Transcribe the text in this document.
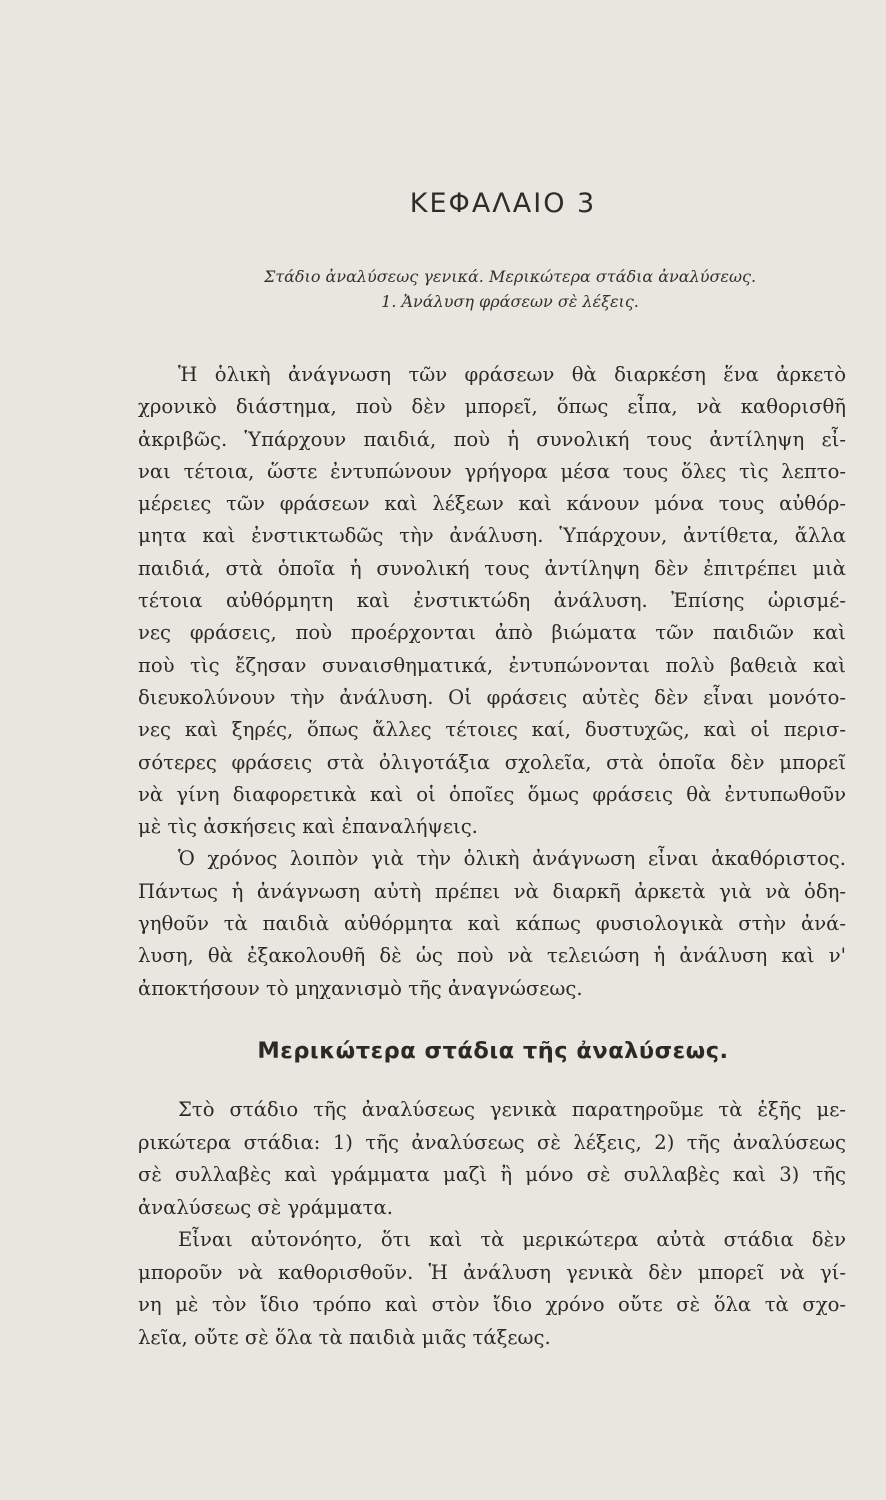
ΚΕΦΑΛΑΙΟ 3
Στάδιο ἀναλύσεως γενικά. Μερικώτερα στάδια ἀναλύσεως.
1. Ἀνάλυση φράσεων σὲ λέξεις.
Ἡ ὁλικὴ ἀνάγνωση τῶν φράσεων θὰ διαρκέση ἕνα ἀρκετὸ
χρονικὸ διάστημα, ποὺ δὲν μπορεῖ, ὅπως εἶπα, νὰ καθορισθῆ
ἀκριβῶς. Ὑπάρχουν παιδιά, ποὺ ἡ συνολική τους ἀντίληψη εἶ-
ναι τέτοια, ὥστε ἐντυπώνουν γρήγορα μέσα τους ὅλες τὶς λεπτο-
μέρειες τῶν φράσεων καὶ λέξεων καὶ κάνουν μόνα τους αὐθόρ-
μητα καὶ ἐνστικτωδῶς τὴν ἀνάλυση. Ὑπάρχουν, ἀντίθετα, ἄλλα
παιδιά, στὰ ὁποῖα ἡ συνολική τους ἀντίληψη δὲν ἐπιτρέπει μιὰ
τέτοια αὐθόρμητη καὶ ἐνστικτώδη ἀνάλυση. Ἐπίσης ὡρισμέ-
νες φράσεις, ποὺ προέρχονται ἀπὸ βιώματα τῶν παιδιῶν καὶ
ποὺ τὶς ἔζησαν συναισθηματικά, ἐντυπώνονται πολὺ βαθειὰ καὶ
διευκολύνουν τὴν ἀνάλυση. Οἱ φράσεις αὐτὲς δὲν εἶναι μονότο-
νες καὶ ξηρές, ὅπως ἄλλες τέτοιες καί, δυστυχῶς, καὶ οἱ περισ-
σότερες φράσεις στὰ ὀλιγοτάξια σχολεῖα, στὰ ὁποῖα δὲν μπορεῖ
νὰ γίνη διαφορετικὰ καὶ οἱ ὁποῖες ὅμως φράσεις θὰ ἐντυπωθοῦν
μὲ τὶς ἀσκήσεις καὶ ἐπαναλήψεις.
Ὁ χρόνος λοιπὸν γιὰ τὴν ὁλικὴ ἀνάγνωση εἶναι ἀκαθόριστος.
Πάντως ἡ ἀνάγνωση αὐτὴ πρέπει νὰ διαρκῆ ἀρκετὰ γιὰ νὰ ὁδη-
γηθοῦν τὰ παιδιὰ αὐθόρμητα καὶ κάπως φυσιολογικὰ στὴν ἀνά-
λυση, θὰ ἐξακολουθῆ δὲ ὡς ποὺ νὰ τελειώση ἡ ἀνάλυση καὶ ν'
ἀποκτήσουν τὸ μηχανισμὸ τῆς ἀναγνώσεως.
Μερικώτερα στάδια τῆς ἀναλύσεως.
Στὸ στάδιο τῆς ἀναλύσεως γενικὰ παρατηροῦμε τὰ ἑξῆς με-
ρικώτερα στάδια: 1) τῆς ἀναλύσεως σὲ λέξεις, 2) τῆς ἀναλύσεως
σὲ συλλαβὲς καὶ γράμματα μαζὶ ἢ μόνο σὲ συλλαβὲς καὶ 3) τῆς
ἀναλύσεως σὲ γράμματα.
Εἶναι αὐτονόητο, ὅτι καὶ τὰ μερικώτερα αὐτὰ στάδια δὲν
μποροῦν νὰ καθορισθοῦν. Ἡ ἀνάλυση γενικὰ δὲν μπορεῖ νὰ γί-
νη μὲ τὸν ἴδιο τρόπο καὶ στὸν ἴδιο χρόνο οὔτε σὲ ὅλα τὰ σχο-
λεῖα, οὔτε σὲ ὅλα τὰ παιδιὰ μιᾶς τάξεως.
